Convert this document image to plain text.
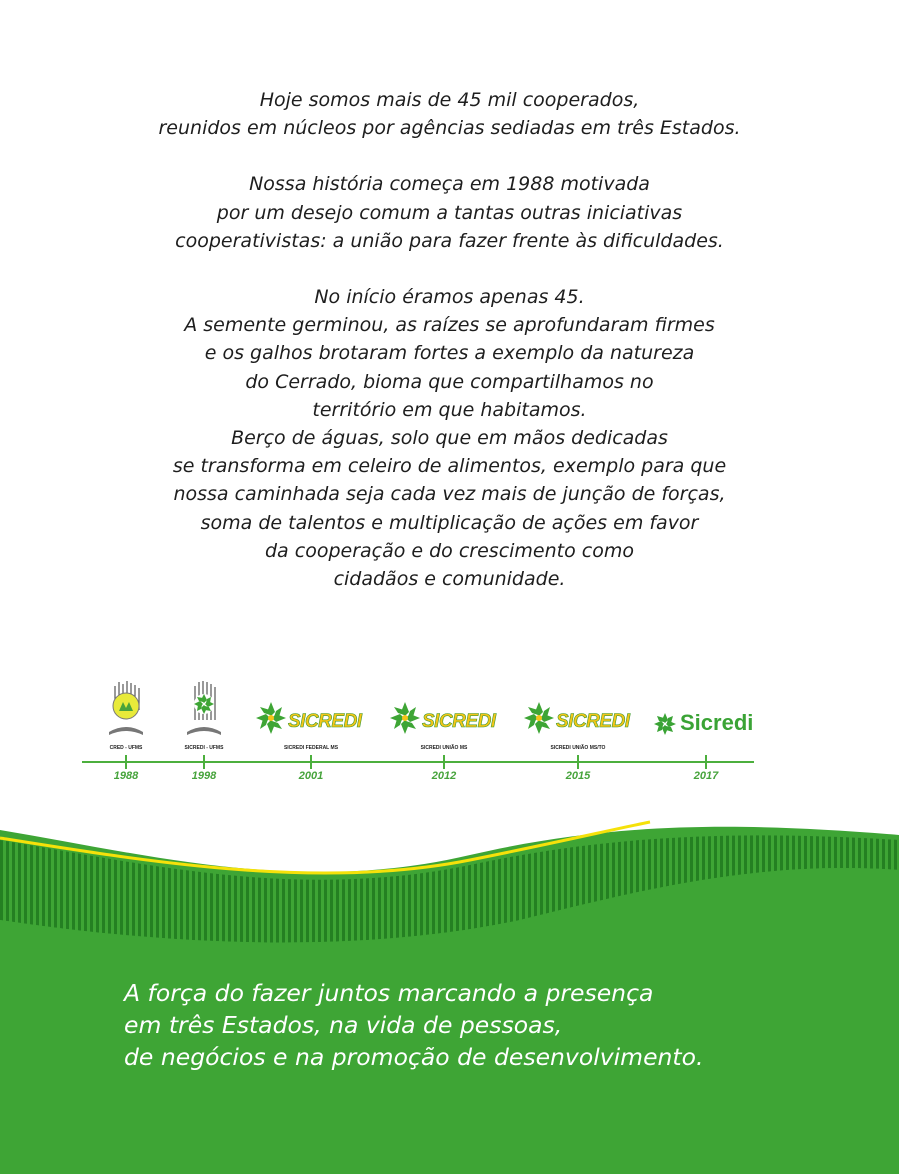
Hoje somos mais de 45 mil cooperados,
reunidos em núcleos por agências sediadas em três Estados.

Nossa história começa em 1988 motivada
por um desejo comum a tantas outras iniciativas
cooperativistas: a união para fazer frente às dificuldades.

No início éramos apenas 45.
A semente germinou, as raízes se aprofundaram firmes
e os galhos brotaram fortes a exemplo da natureza
do Cerrado, bioma que compartilhamos no
território em que habitamos.
Berço de águas, solo que em mãos dedicadas
se transforma em celeiro de alimentos, exemplo para que
nossa caminhada seja cada vez mais de junção de forças,
soma de talentos e multiplicação de ações em favor
da cooperação e do crescimento como
cidadãos e comunidade.

CRED - UFMS	SICREDI - UFMS
SICREDI
SICREDI FEDERAL MS
SICREDI
SICREDI UNIÃO MS
SICREDI
SICREDI UNIÃO MS/TO
Sicredi
1988	1998	2001	2012	2015	2017
A força do fazer juntos marcando a presença
em três Estados, na vida de pessoas,
de negócios e na promoção de desenvolvimento.
